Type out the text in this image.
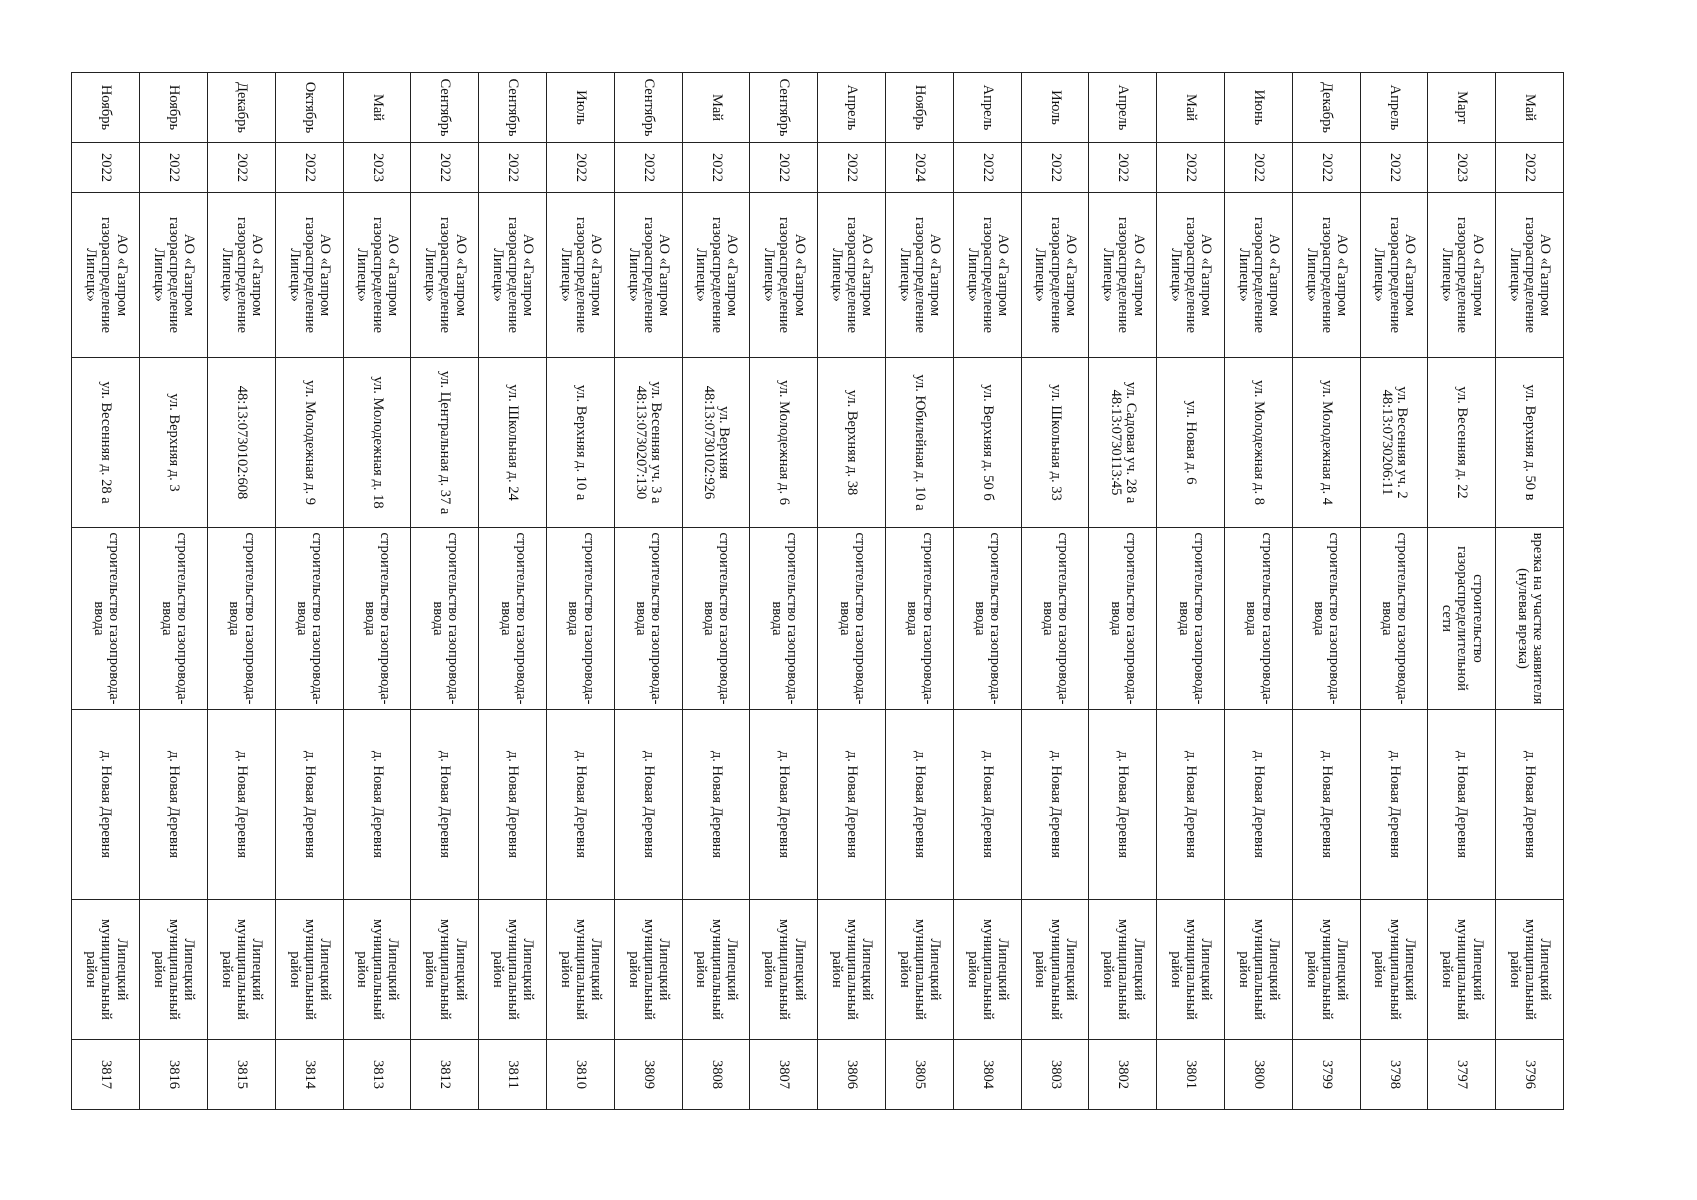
Май	2022	АО «Газпром газораспределение Липецк»	ул. Верхняя д. 50 в	врезка на участке заявителя (нулевая врезка)	д. Новая Деревня	Липецкий муниципальный район	3796
Март	2023	АО «Газпром газораспределение Липецк»	ул. Весенняя д. 22	строительство газораспределительной сети	д. Новая Деревня	Липецкий муниципальный район	3797
Апрель	2022	АО «Газпром газораспределение Липецк»	ул. Весенняя уч. 2 48:13:0730206:11	строительство газопровода-ввода	д. Новая Деревня	Липецкий муниципальный район	3798
Декабрь	2022	АО «Газпром газораспределение Липецк»	ул. Молодежная д. 4	строительство газопровода-ввода	д. Новая Деревня	Липецкий муниципальный район	3799
Июнь	2022	АО «Газпром газораспределение Липецк»	ул. Молодежная д. 8	строительство газопровода-ввода	д. Новая Деревня	Липецкий муниципальный район	3800
Май	2022	АО «Газпром газораспределение Липецк»	ул. Новая д. 6	строительство газопровода-ввода	д. Новая Деревня	Липецкий муниципальный район	3801
Апрель	2022	АО «Газпром газораспределение Липецк»	ул. Садовая уч. 28 а 48:13:0730113:45	строительство газопровода-ввода	д. Новая Деревня	Липецкий муниципальный район	3802
Июль	2022	АО «Газпром газораспределение Липецк»	ул. Школьная д. 33	строительство газопровода-ввода	д. Новая Деревня	Липецкий муниципальный район	3803
Апрель	2022	АО «Газпром газораспределение Липецк»	ул. Верхняя д. 50 б	строительство газопровода-ввода	д. Новая Деревня	Липецкий муниципальный район	3804
Ноябрь	2024	АО «Газпром газораспределение Липецк»	ул. Юбилейная д. 10 а	строительство газопровода-ввода	д. Новая Деревня	Липецкий муниципальный район	3805
Апрель	2022	АО «Газпром газораспределение Липецк»	ул. Верхняя д. 38	строительство газопровода-ввода	д. Новая Деревня	Липецкий муниципальный район	3806
Сентябрь	2022	АО «Газпром газораспределение Липецк»	ул. Молодежная д. 6	строительство газопровода-ввода	д. Новая Деревня	Липецкий муниципальный район	3807
Май	2022	АО «Газпром газораспределение Липецк»	ул. Верхняя 48:13:0730102:926	строительство газопровода-ввода	д. Новая Деревня	Липецкий муниципальный район	3808
Сентябрь	2022	АО «Газпром газораспределение Липецк»	ул. Весенняя уч. 3 а 48:13:0730207:130	строительство газопровода-ввода	д. Новая Деревня	Липецкий муниципальный район	3809
Июль	2022	АО «Газпром газораспределение Липецк»	ул. Верхняя д. 10 а	строительство газопровода-ввода	д. Новая Деревня	Липецкий муниципальный район	3810
Сентябрь	2022	АО «Газпром газораспределение Липецк»	ул. Школьная д. 24	строительство газопровода-ввода	д. Новая Деревня	Липецкий муниципальный район	3811
Сентябрь	2022	АО «Газпром газораспределение Липецк»	ул. Центральная д. 37 а	строительство газопровода-ввода	д. Новая Деревня	Липецкий муниципальный район	3812
Май	2023	АО «Газпром газораспределение Липецк»	ул. Молодежная д. 18	строительство газопровода-ввода	д. Новая Деревня	Липецкий муниципальный район	3813
Октябрь	2022	АО «Газпром газораспределение Липецк»	ул. Молодежная д. 9	строительство газопровода-ввода	д. Новая Деревня	Липецкий муниципальный район	3814
Декабрь	2022	АО «Газпром газораспределение Липецк»	48:13:0730102:608	строительство газопровода-ввода	д. Новая Деревня	Липецкий муниципальный район	3815
Ноябрь	2022	АО «Газпром газораспределение Липецк»	ул. Верхняя д. 3	строительство газопровода-ввода	д. Новая Деревня	Липецкий муниципальный район	3816
Ноябрь	2022	АО «Газпром газораспределение Липецк»	ул. Весенняя д. 28 а	строительство газопровода-ввода	д. Новая Деревня	Липецкий муниципальный район	3817
